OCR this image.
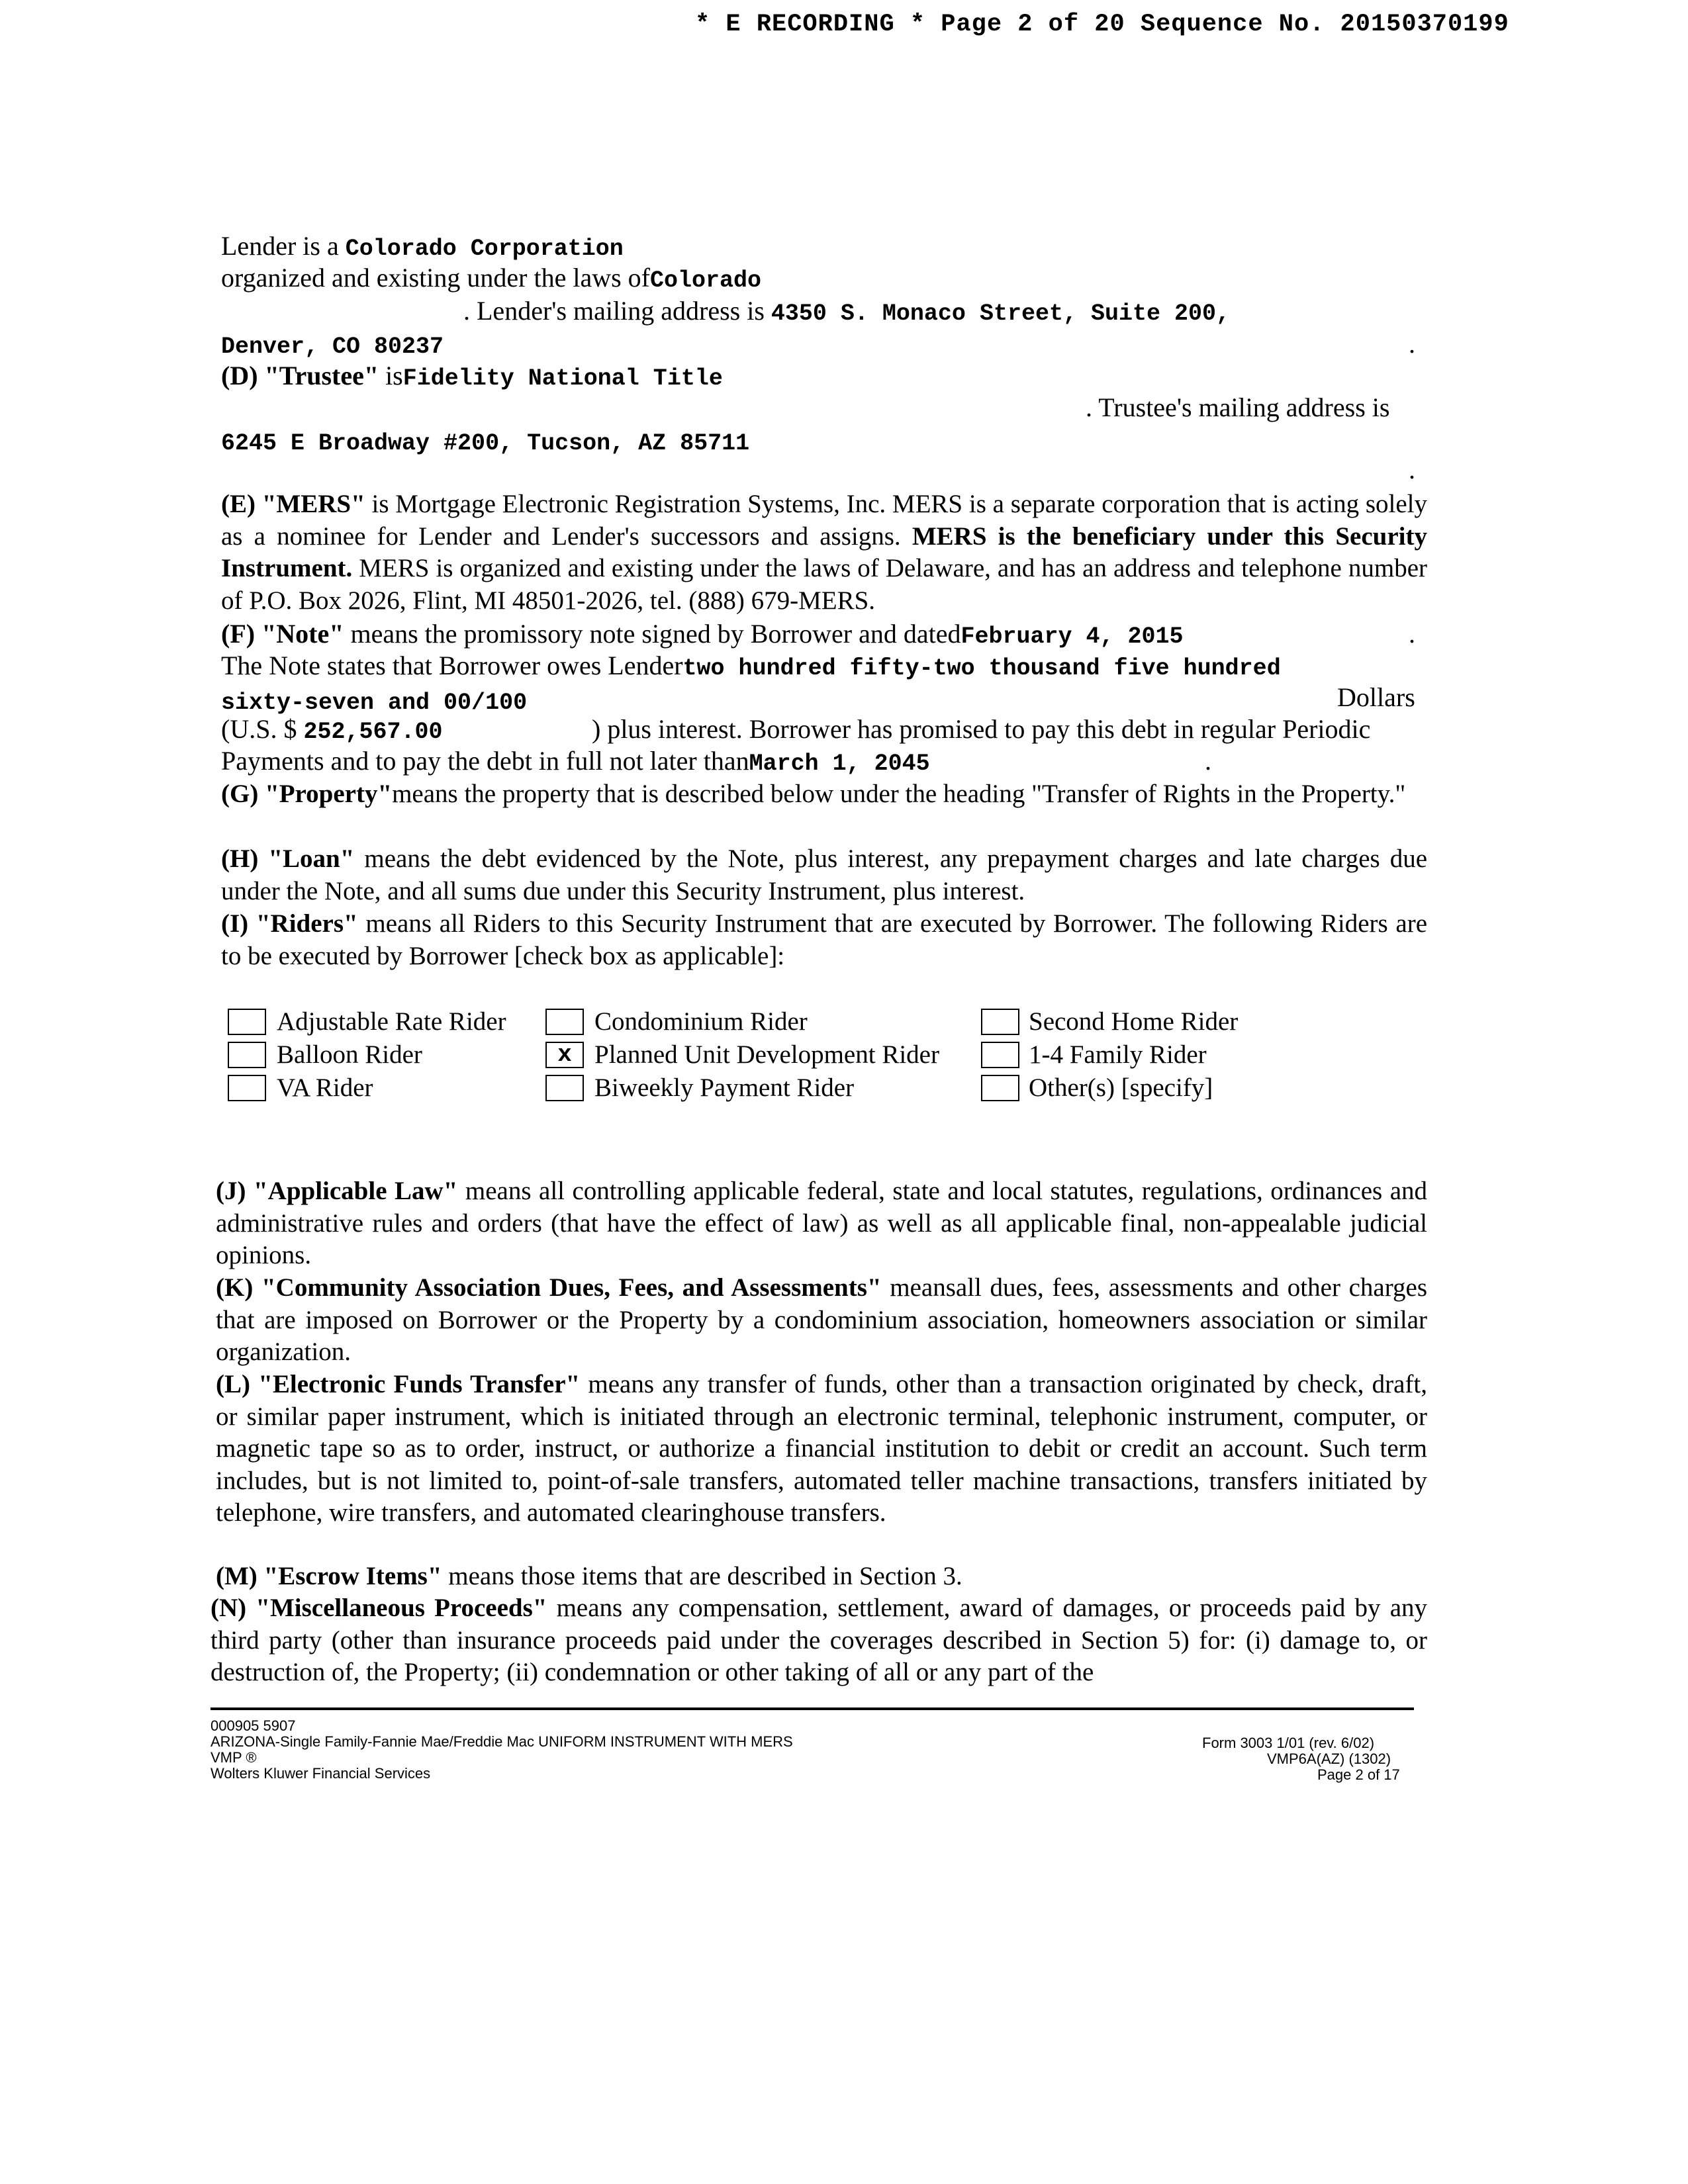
* E RECORDING * Page 2 of 20 Sequence No. 20150370199
Lender is a Colorado Corporation
organized and existing under the laws ofColorado
. Lender's mailing address is 4350 S. Monaco Street, Suite 200,
Denver, CO 80237	.
(D) "Trustee" isFidelity National Title
. Trustee's mailing address is
6245 E Broadway #200, Tucson, AZ 85711
.

(E) "MERS" is Mortgage Electronic Registration Systems, Inc. MERS is a separate corporation that is acting solely as a nominee for Lender and Lender's successors and assigns. MERS is the beneficiary under this Security Instrument. MERS is organized and existing under the laws of Delaware, and has an address and telephone number of P.O. Box 2026, Flint, MI 48501-2026, tel. (888) 679-MERS.

(F) "Note" means the promissory note signed by Borrower and datedFebruary 4, 2015	.
The Note states that Borrower owes Lendertwo hundred fifty-two thousand five hundred
sixty-seven and 00/100	Dollars
(U.S. $ 252,567.00	) plus interest. Borrower has promised to pay this debt in regular Periodic
Payments and to pay the debt in full not later thanMarch 1, 2045	.

(G) "Property"means the property that is described below under the heading "Transfer of Rights in the Property."

(H) "Loan" means the debt evidenced by the Note, plus interest, any prepayment charges and late charges due under the Note, and all sums due under this Security Instrument, plus interest.

(I) "Riders" means all Riders to this Security Instrument that are executed by Borrower. The following Riders are to be executed by Borrower [check box as applicable]:

Adjustable Rate Rider	Condominium Rider	Second Home Rider
Balloon Rider	x Planned Unit Development Rider	1-4 Family Rider
VA Rider	Biweekly Payment Rider	Other(s) [specify]

(J) "Applicable Law" means all controlling applicable federal, state and local statutes, regulations, ordinances and administrative rules and orders (that have the effect of law) as well as all applicable final, non-appealable judicial opinions.

(K) "Community Association Dues, Fees, and Assessments" meansall dues, fees, assessments and other charges that are imposed on Borrower or the Property by a condominium association, homeowners association or similar organization.

(L) "Electronic Funds Transfer" means any transfer of funds, other than a transaction originated by check, draft, or similar paper instrument, which is initiated through an electronic terminal, telephonic instrument, computer, or magnetic tape so as to order, instruct, or authorize a financial institution to debit or credit an account. Such term includes, but is not limited to, point-of-sale transfers, automated teller machine transactions, transfers initiated by telephone, wire transfers, and automated clearinghouse transfers.

(M) "Escrow Items" means those items that are described in Section 3.

(N) "Miscellaneous Proceeds" means any compensation, settlement, award of damages, or proceeds paid by any third party (other than insurance proceeds paid under the coverages described in Section 5) for: (i) damage to, or destruction of, the Property; (ii) condemnation or other taking of all or any part of the

000905 5907
ARIZONA-Single Family-Fannie Mae/Freddie Mac UNIFORM INSTRUMENT WITH MERS
VMP ®
Wolters Kluwer Financial Services
Form 3003 1/01 (rev. 6/02)
VMP6A(AZ) (1302)
Page 2 of 17
